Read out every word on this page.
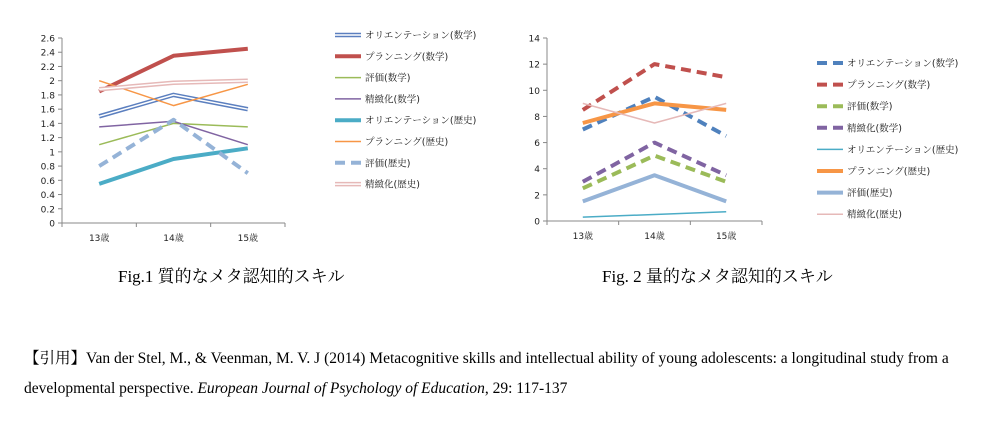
0
0.2
0.4
0.6
0.8
1
1.2
1.4
1.6
1.8
2
2.2
2.4
2.6
13歳	14歳	15歳
オリエンテーション(数学)
プランニング(数学)
評価(数学)
精緻化(数学)
オリエンテーション(歴史)
プランニング(歴史)
評価(歴史)
精緻化(歴史)
0
2
4
6
8
10
12
14
13歳	14歳	15歳
オリエンテーション(数学)
プランニング(数学)
評価(数学)
精緻化(数学)
オリエンテーション(歴史)
プランニング(歴史)
評価(歴史)
精緻化(歴史)
Fig.1 質的なメタ認知的スキル	Fig. 2 量的なメタ認知的スキル
【引用】Van der Stel, M., & Veenman, M. V. J (2014) Metacognitive skills and intellectual ability of young adolescents: a longitudinal study from a developmental perspective. European Journal of Psychology of Education, 29: 117-137
